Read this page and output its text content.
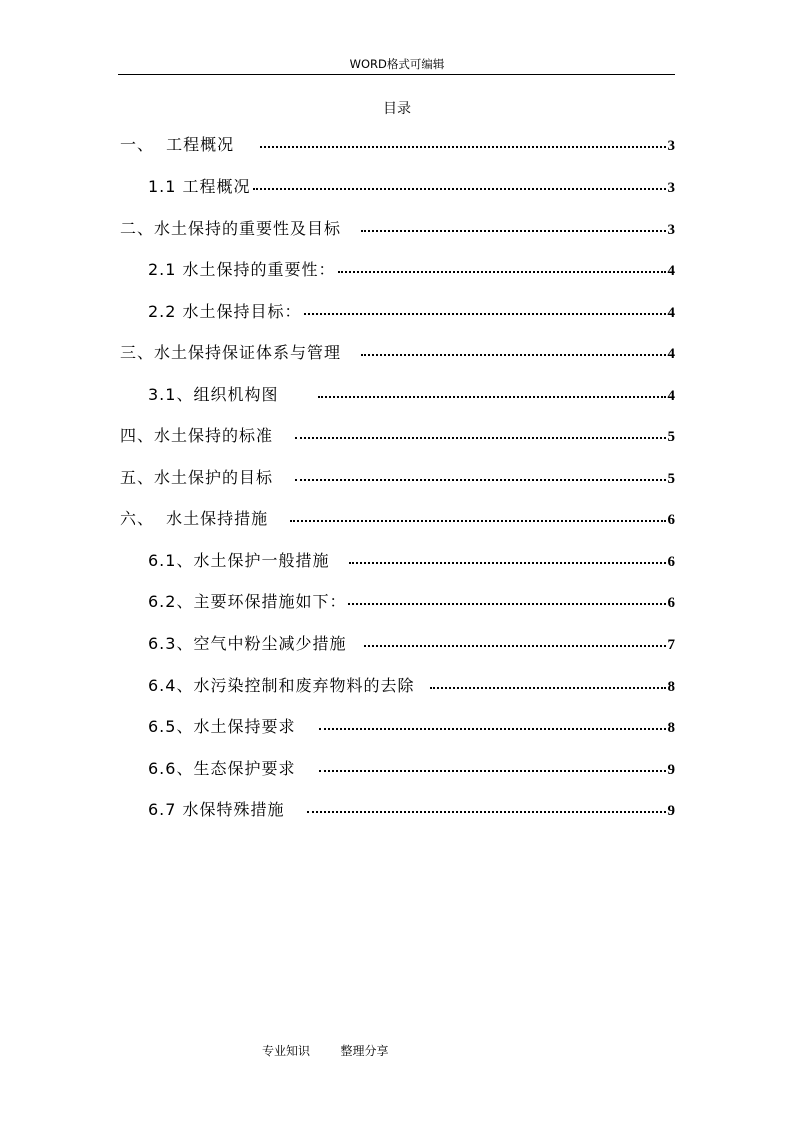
WORD格式可编辑
目录
一、  工程概况	3
1.1 工程概况	3
二、水土保持的重要性及目标	3
2.1 水土保持的重要性：	4
2.2 水土保持目标：	4
三、水土保持保证体系与管理	4
3.1、组织机构图	4
四、水土保持的标准	5
五、水土保护的目标	5
六、  水土保持措施	6
6.1、水土保护一般措施	6
6.2、主要环保措施如下：	6
6.3、空气中粉尘减少措施	7
6.4、水污染控制和废弃物料的去除	8
6.5、水土保持要求	8
6.6、生态保护要求	9
6.7 水保特殊措施	9
专业知识	整理分享
